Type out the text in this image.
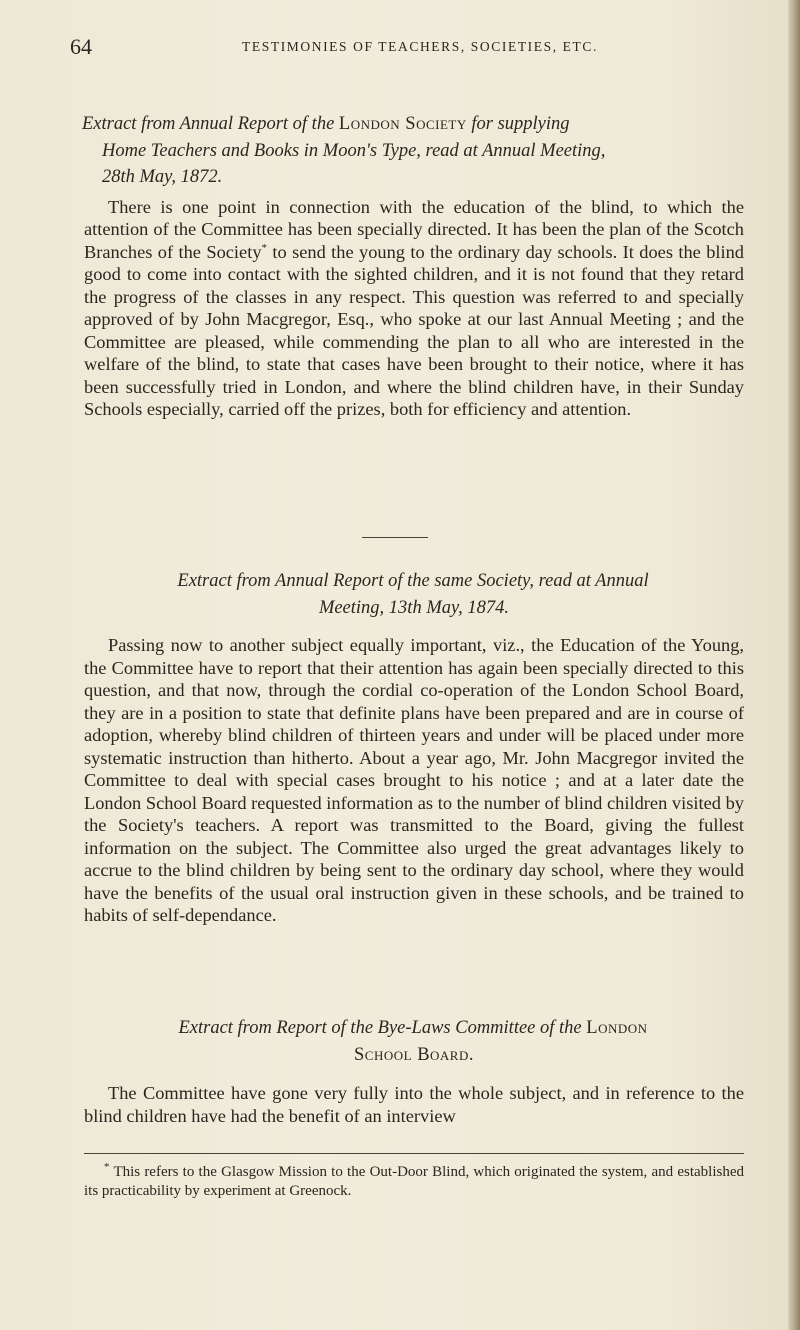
64	TESTIMONIES OF TEACHERS, SOCIETIES, ETC.
Extract from Annual Report of the London Society for supplying
Home Teachers and Books in Moon's Type, read at Annual Meeting,
28th May, 1872.

There is one point in connection with the education of the blind, to which the attention of the Committee has been specially directed. It has been the plan of the Scotch Branches of the Society* to send the young to the ordinary day schools. It does the blind good to come into contact with the sighted children, and it is not found that they retard the progress of the classes in any respect. This question was referred to and specially approved of by John Macgregor, Esq., who spoke at our last Annual Meeting ; and the Committee are pleased, while commending the plan to all who are interested in the welfare of the blind, to state that cases have been brought to their notice, where it has been successfully tried in London, and where the blind children have, in their Sunday Schools especially, carried off the prizes, both for efficiency and attention.

Extract from Annual Report of the same Society, read at Annual
Meeting, 13th May, 1874.

Passing now to another subject equally important, viz., the Education of the Young, the Committee have to report that their attention has again been specially directed to this question, and that now, through the cordial co-operation of the London School Board, they are in a position to state that definite plans have been prepared and are in course of adoption, whereby blind children of thirteen years and under will be placed under more systematic instruction than hitherto. About a year ago, Mr. John Macgregor invited the Committee to deal with special cases brought to his notice ; and at a later date the London School Board requested information as to the number of blind children visited by the Society's teachers. A report was transmitted to the Board, giving the fullest information on the subject. The Committee also urged the great advantages likely to accrue to the blind children by being sent to the ordinary day school, where they would have the benefits of the usual oral instruction given in these schools, and be trained to habits of self-dependance.

Extract from Report of the Bye-Laws Committee of the London
School Board.

The Committee have gone very fully into the whole subject, and in reference to the blind children have had the benefit of an interview

* This refers to the Glasgow Mission to the Out-Door Blind, which originated the system, and established its practicability by experiment at Greenock.
